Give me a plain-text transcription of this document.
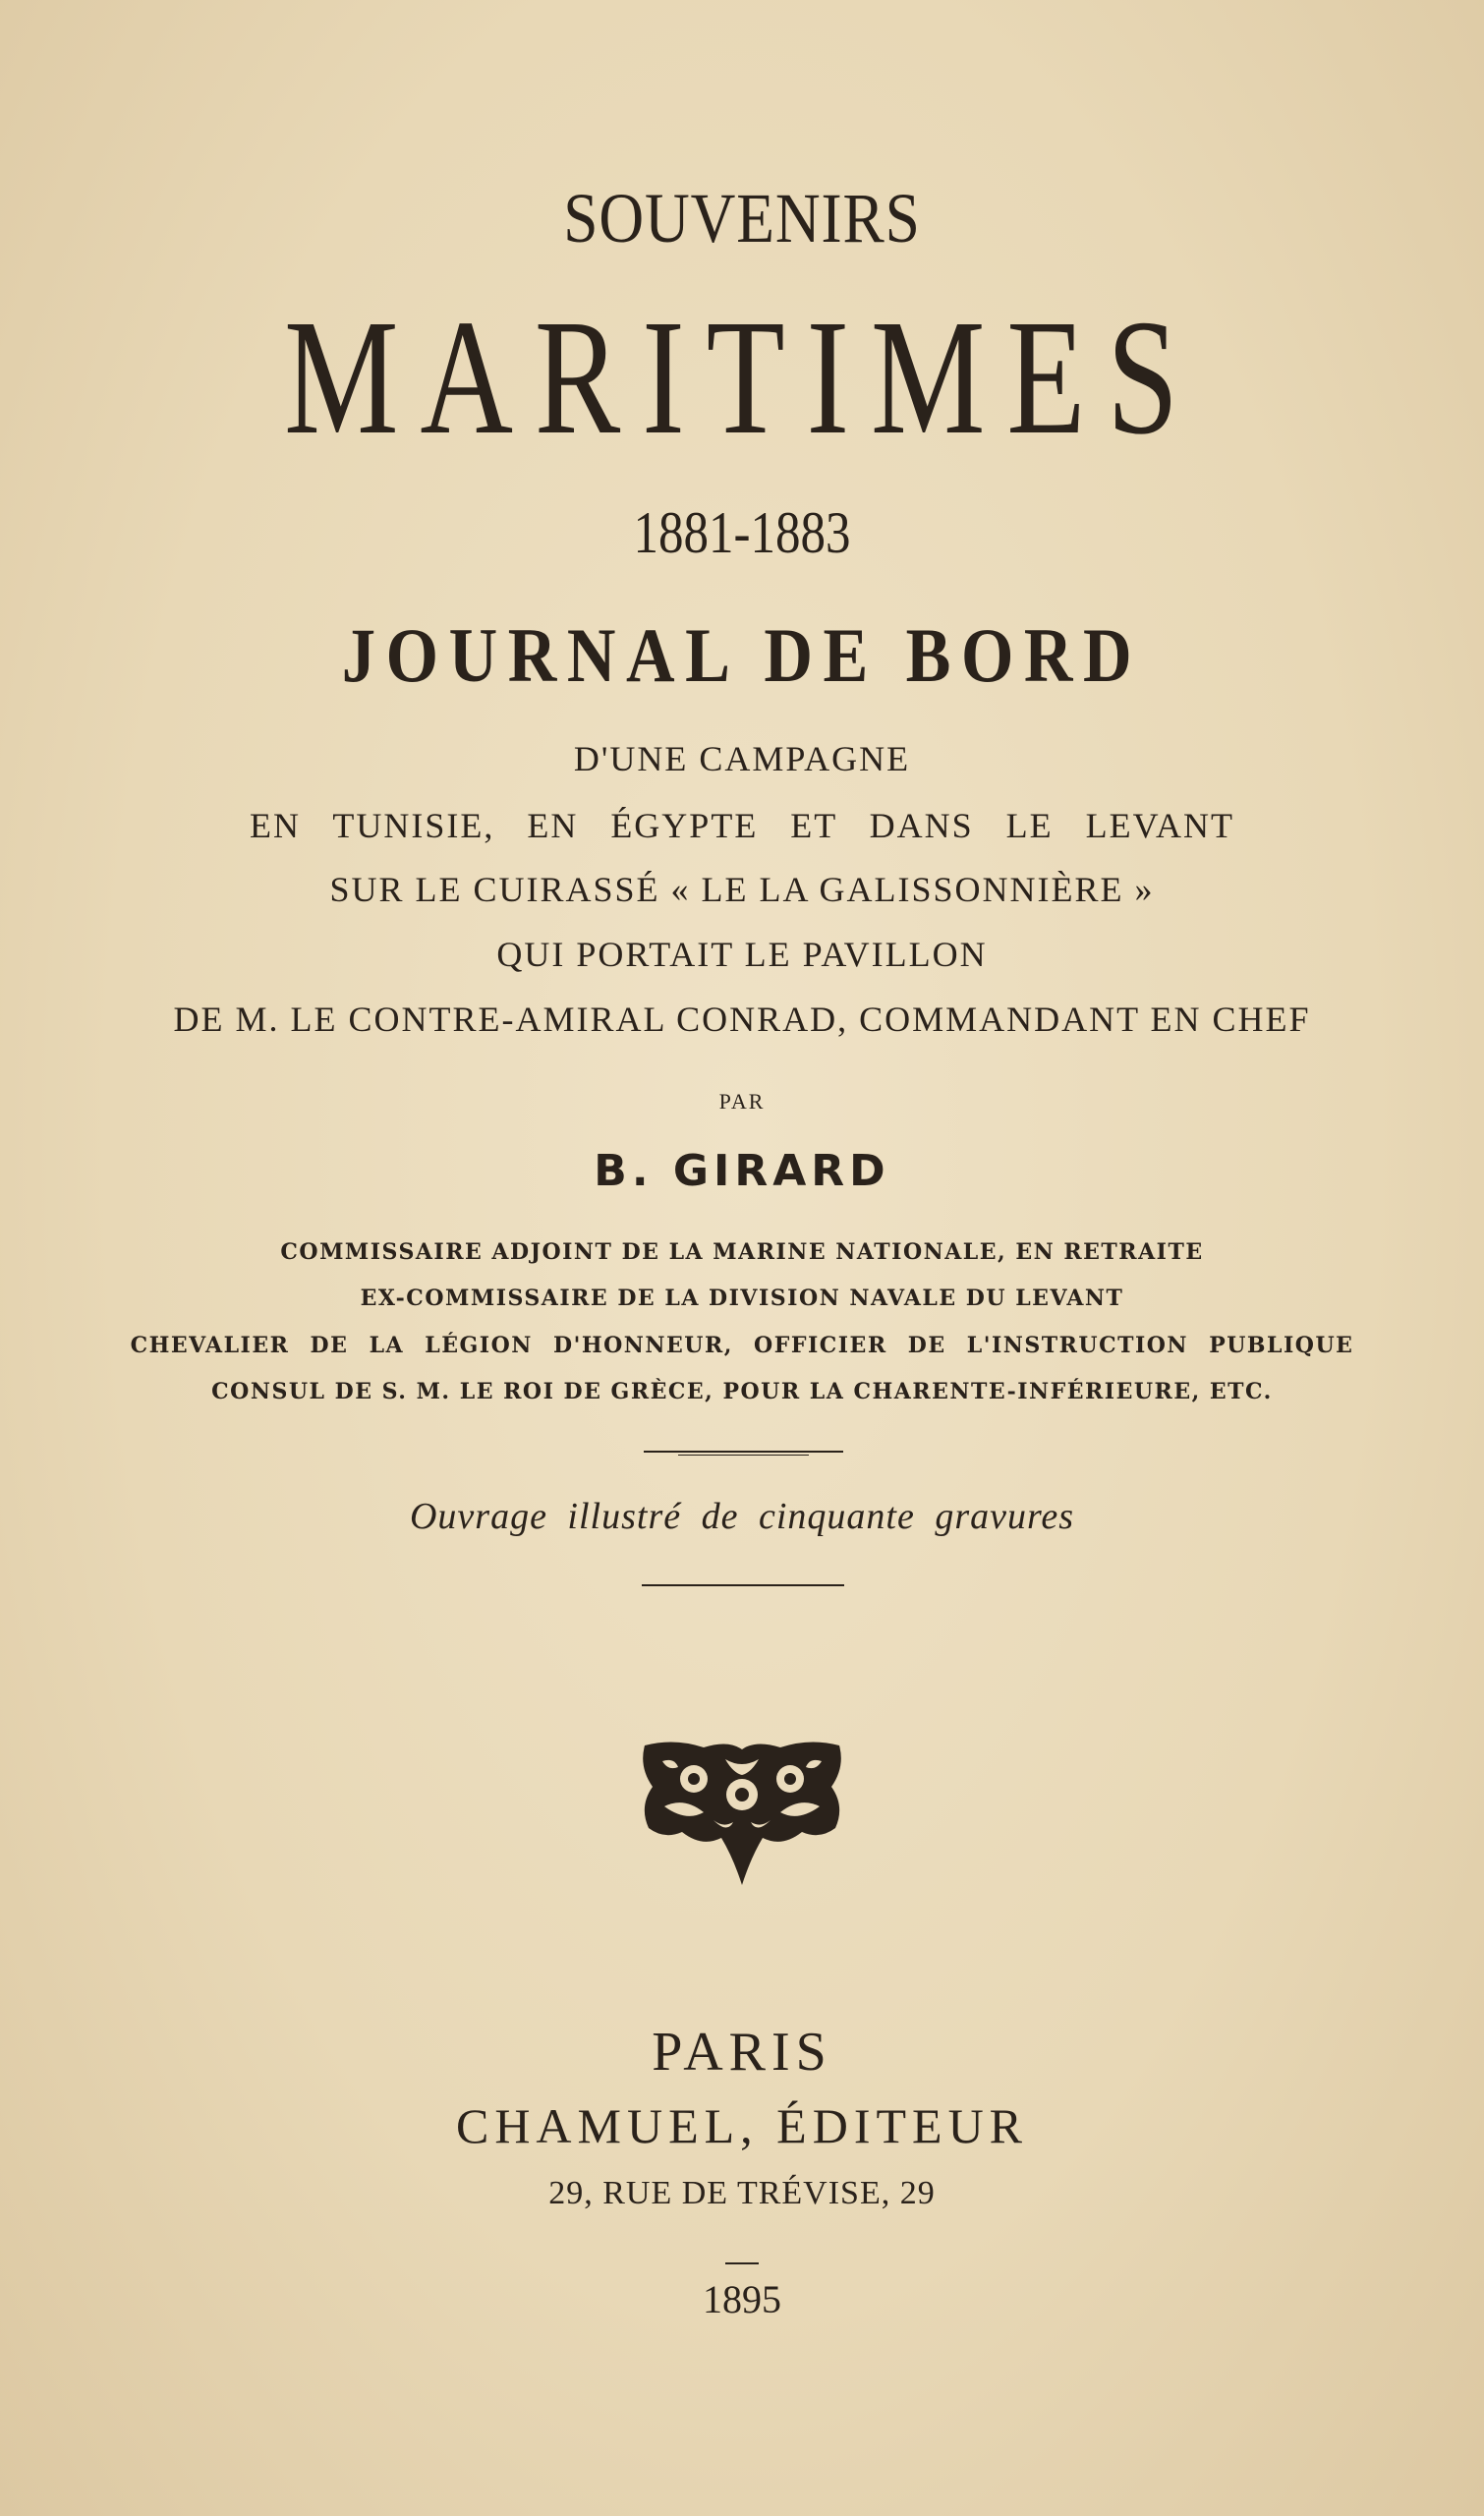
SOUVENIRS
MARITIMES
1881-1883
JOURNAL DE BORD
D'UNE CAMPAGNE
EN TUNISIE, EN ÉGYPTE ET DANS LE LEVANT
SUR LE CUIRASSÉ « LE LA GALISSONNIÈRE »
QUI PORTAIT LE PAVILLON
DE M. LE CONTRE-AMIRAL CONRAD, COMMANDANT EN CHEF
PAR
B. GIRARD
COMMISSAIRE ADJOINT DE LA MARINE NATIONALE, EN RETRAITE
EX-COMMISSAIRE DE LA DIVISION NAVALE DU LEVANT
CHEVALIER DE LA LÉGION D'HONNEUR, OFFICIER DE L'INSTRUCTION PUBLIQUE
CONSUL DE S. M. LE ROI DE GRÈCE, POUR LA CHARENTE-INFÉRIEURE, ETC.
Ouvrage illustré de cinquante gravures
PARIS
CHAMUEL, ÉDITEUR
29, RUE DE TRÉVISE, 29
1895
